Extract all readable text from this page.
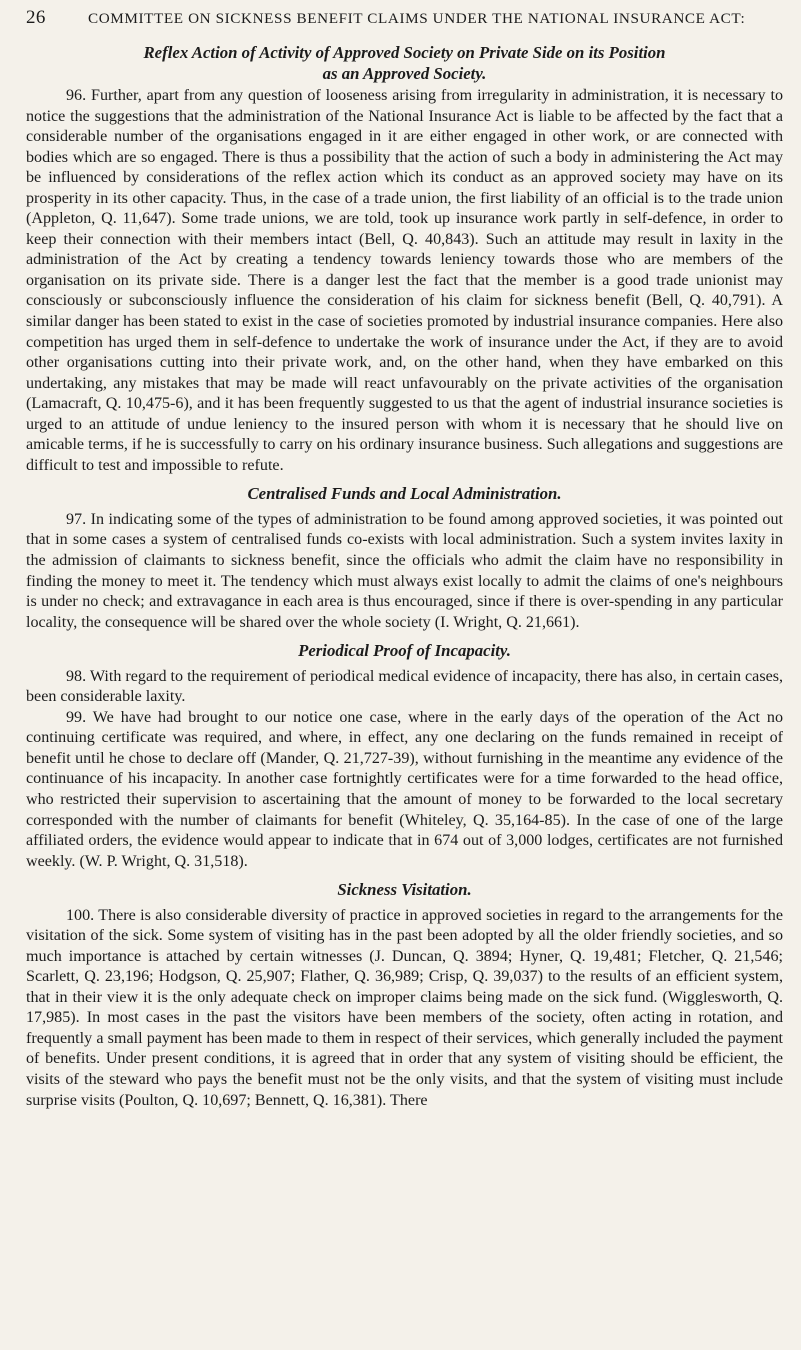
26	COMMITTEE ON SICKNESS BENEFIT CLAIMS UNDER THE NATIONAL INSURANCE ACT:
Reflex Action of Activity of Approved Society on Private Side on its Position
as an Approved Society.

96. Further, apart from any question of looseness arising from irregularity in administration, it is necessary to notice the suggestions that the administration of the National Insurance Act is liable to be affected by the fact that a considerable number of the organisations engaged in it are either engaged in other work, or are connected with bodies which are so engaged. There is thus a possibility that the action of such a body in administering the Act may be influenced by considerations of the reflex action which its conduct as an approved society may have on its prosperity in its other capacity. Thus, in the case of a trade union, the first liability of an official is to the trade union (Appleton, Q. 11,647). Some trade unions, we are told, took up insurance work partly in self-defence, in order to keep their connection with their members intact (Bell, Q. 40,843). Such an attitude may result in laxity in the administration of the Act by creating a tendency towards leniency towards those who are members of the organisation on its private side. There is a danger lest the fact that the member is a good trade unionist may consciously or subconsciously influence the consideration of his claim for sickness benefit (Bell, Q. 40,791). A similar danger has been stated to exist in the case of societies promoted by industrial insurance companies. Here also competition has urged them in self-defence to undertake the work of insurance under the Act, if they are to avoid other organisations cutting into their private work, and, on the other hand, when they have embarked on this undertaking, any mistakes that may be made will react unfavourably on the private activities of the organisation (Lamacraft, Q. 10,475-6), and it has been frequently suggested to us that the agent of industrial insurance societies is urged to an attitude of undue leniency to the insured person with whom it is necessary that he should live on amicable terms, if he is successfully to carry on his ordinary insurance business. Such allegations and suggestions are difficult to test and impossible to refute.

Centralised Funds and Local Administration.

97. In indicating some of the types of administration to be found among approved societies, it was pointed out that in some cases a system of centralised funds co-exists with local administration. Such a system invites laxity in the admission of claimants to sickness benefit, since the officials who admit the claim have no responsibility in finding the money to meet it. The tendency which must always exist locally to admit the claims of one's neighbours is under no check; and extravagance in each area is thus encouraged, since if there is over-spending in any particular locality, the consequence will be shared over the whole society (I. Wright, Q. 21,661).

Periodical Proof of Incapacity.

98. With regard to the requirement of periodical medical evidence of incapacity, there has also, in certain cases, been considerable laxity.

99. We have had brought to our notice one case, where in the early days of the operation of the Act no continuing certificate was required, and where, in effect, any one declaring on the funds remained in receipt of benefit until he chose to declare off (Mander, Q. 21,727-39), without furnishing in the meantime any evidence of the continuance of his incapacity. In another case fortnightly certificates were for a time forwarded to the head office, who restricted their supervision to ascertaining that the amount of money to be forwarded to the local secretary corresponded with the number of claimants for benefit (Whiteley, Q. 35,164-85). In the case of one of the large affiliated orders, the evidence would appear to indicate that in 674 out of 3,000 lodges, certificates are not furnished weekly. (W. P. Wright, Q. 31,518).

Sickness Visitation.

100. There is also considerable diversity of practice in approved societies in regard to the arrangements for the visitation of the sick. Some system of visiting has in the past been adopted by all the older friendly societies, and so much importance is attached by certain witnesses (J. Duncan, Q. 3894; Hyner, Q. 19,481; Fletcher, Q. 21,546; Scarlett, Q. 23,196; Hodgson, Q. 25,907; Flather, Q. 36,989; Crisp, Q. 39,037) to the results of an efficient system, that in their view it is the only adequate check on improper claims being made on the sick fund. (Wigglesworth, Q. 17,985). In most cases in the past the visitors have been members of the society, often acting in rotation, and frequently a small payment has been made to them in respect of their services, which generally included the payment of benefits. Under present conditions, it is agreed that in order that any system of visiting should be efficient, the visits of the steward who pays the benefit must not be the only visits, and that the system of visiting must include surprise visits (Poulton, Q. 10,697; Bennett, Q. 16,381). There
